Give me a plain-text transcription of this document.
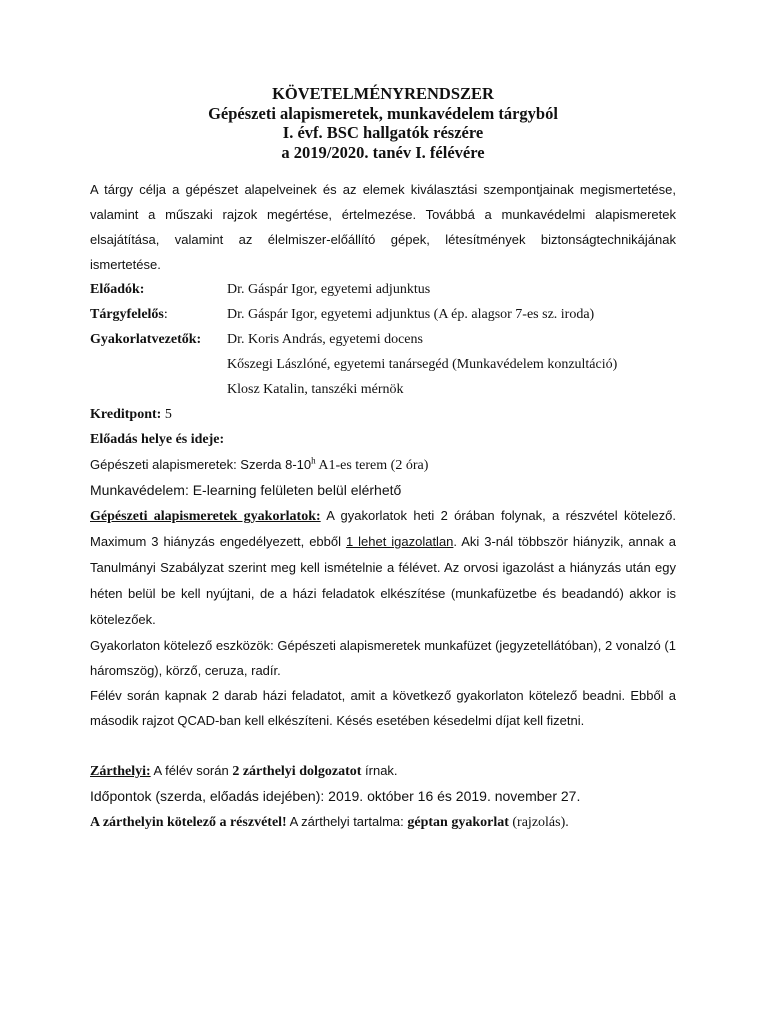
KÖVETELMÉNYRENDSZER
Gépészeti alapismeretek, munkavédelem tárgyból
I. évf. BSC hallgatók részére
a 2019/2020. tanév I. félévére

A tárgy célja a gépészet alapelveinek és az elemek kiválasztási szempontjainak megismertetése, valamint a műszaki rajzok megértése, értelmezése. Továbbá a munkavédelmi alapismeretek elsajátítása, valamint az élelmiszer-előállító gépek, létesítmények biztonságtechnikájának ismertetése.

Előadók:	Dr. Gáspár Igor, egyetemi adjunktus
Tárgyfelelős:	Dr. Gáspár Igor, egyetemi adjunktus (A ép. alagsor 7-es sz. iroda)
Gyakorlatvezetők:	Dr. Koris András, egyetemi docens
Kőszegi Lászlóné, egyetemi tanársegéd (Munkavédelem konzultáció)
Klosz Katalin, tanszéki mérnök
Kreditpont: 5
Előadás helye és ideje:
Gépészeti alapismeretek: Szerda 8-10$^h$ A1-es terem (2 óra)
Munkavédelem: E-learning felületen belül elérhető

Gépészeti alapismeretek gyakorlatok: A gyakorlatok heti 2 órában folynak, a részvétel kötelező. Maximum 3 hiányzás engedélyezett, ebből 1 lehet igazolatlan. Aki 3-nál többször hiányzik, annak a Tanulmányi Szabályzat szerint meg kell ismételnie a félévet. Az orvosi igazolást a hiányzás után egy héten belül be kell nyújtani, de a házi feladatok elkészítése (munkafüzetbe és beadandó) akkor is kötelezőek.

Gyakorlaton kötelező eszközök: Gépészeti alapismeretek munkafüzet (jegyzetellátóban), 2 vonalzó (1 háromszög), körző, ceruza, radír.

Félév során kapnak 2 darab házi feladatot, amit a következő gyakorlaton kötelező beadni. Ebből a második rajzot QCAD-ban kell elkészíteni. Késés esetében késedelmi díjat kell fizetni.

Zárthelyi: A félév során 2 zárthelyi dolgozatot írnak.
Időpontok (szerda, előadás idejében): 2019. október 16 és 2019. november 27.
A zárthelyin kötelező a részvétel! A zárthelyi tartalma: géptan gyakorlat (rajzolás).
